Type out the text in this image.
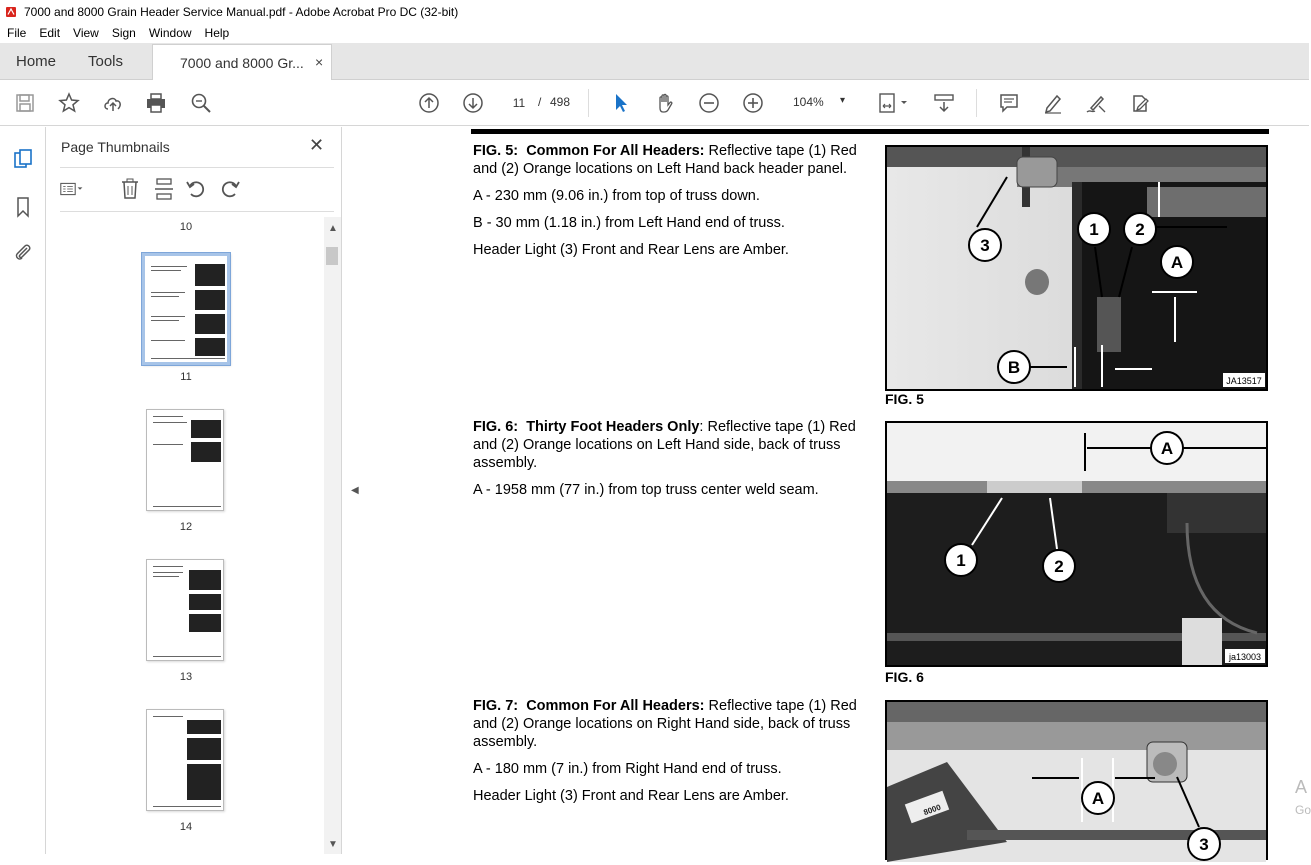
7000 and 8000 Grain Header Service Manual.pdf - Adobe Acrobat Pro DC (32-bit)
File	Edit	View	Sign	Window	Help
Home Tools	7000 and 8000 Gr... ×
11	/ 498	104% ▾
Page Thumbnails	✕
10
11
12
13
14
▲
▼
◀

FIG. 5: Common For All Headers: Reflective tape (1) Red and (2) Orange locations on Left Hand back header panel.

A - 230 mm (9.06 in.) from top of truss down.

B - 30 mm (1.18 in.) from Left Hand end of truss.

Header Light (3) Front and Rear Lens are Amber.	3
1 2
A
B
JA13517
FIG. 5

FIG. 6: Thirty Foot Headers Only: Reflective tape (1) Red and (2) Orange locations on Left Hand side, back of truss assembly.

A - 1958 mm (77 in.) from top truss center weld seam.

A
1	2
ja13003
FIG. 6

FIG. 7: Common For All Headers: Reflective tape (1) Red and (2) Orange locations on Right Hand side, back of truss assembly.

A - 180 mm (7 in.) from Right Hand end of truss.

Header Light (3) Front and Rear Lens are Amber.

8000
A
3
A
Go
